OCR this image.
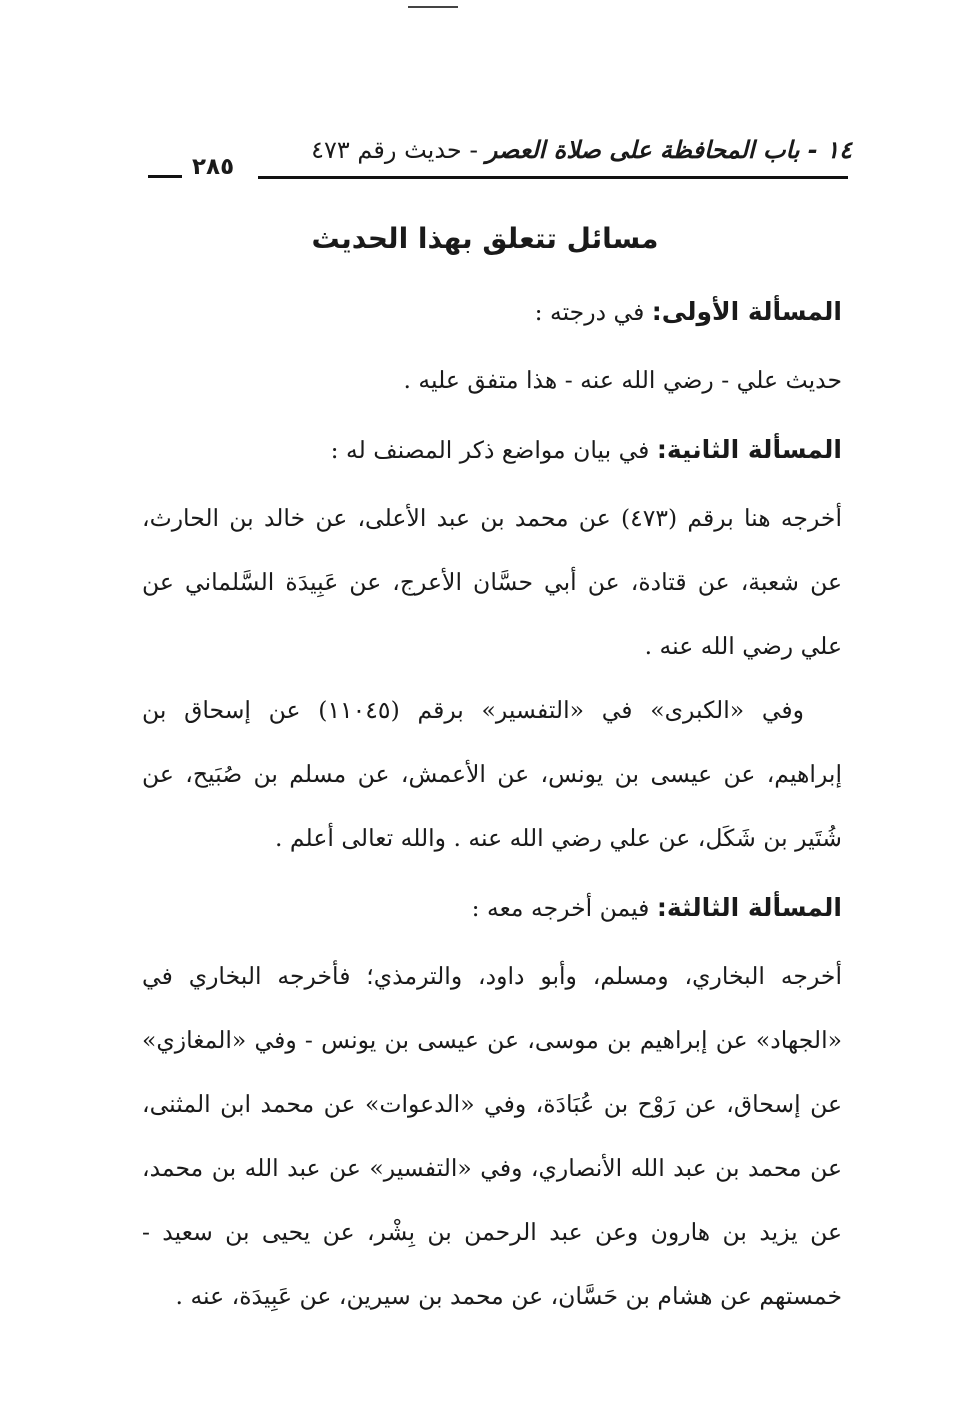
١٤ - باب المحافظة على صلاة العصر - حديث رقم ٤٧٣
٢٨٥
مسائل تتعلق بهذا الحديث

المسألة الأولى: في درجته :

حديث علي - رضي الله عنه - هذا متفق عليه .

المسألة الثانية: في بيان مواضع ذكر المصنف له :

أخرجه هنا برقم (٤٧٣) عن محمد بن عبد الأعلى، عن خالد بن الحارث، عن شعبة، عن قتادة، عن أبي حسَّان الأعرج، عن عَبِيدَة السَّلماني عن علي رضي الله عنه .

وفي «الكبرى» في «التفسير» برقم (١١٠٤٥) عن إسحاق بن إبراهيم، عن عيسى بن يونس، عن الأعمش، عن مسلم بن صُبَيح، عن شُتَير بن شَكَل، عن علي رضي الله عنه . والله تعالى أعلم .

المسألة الثالثة: فيمن أخرجه معه :

أخرجه البخاري، ومسلم، وأبو داود، والترمذي؛ فأخرجه البخاري في «الجهاد» عن إبراهيم بن موسى، عن عيسى بن يونس - وفي «المغازي» عن إسحاق، عن رَوْح بن عُبَادَة، وفي «الدعوات» عن محمد ابن المثنى، عن محمد بن عبد الله الأنصاري، وفي «التفسير» عن عبد الله بن محمد، عن يزيد بن هارون وعن عبد الرحمن بن بِشْر، عن يحيى بن سعيد - خمستهم عن هشام بن حَسَّان، عن محمد بن سيرين، عن عَبِيدَة، عنه .
